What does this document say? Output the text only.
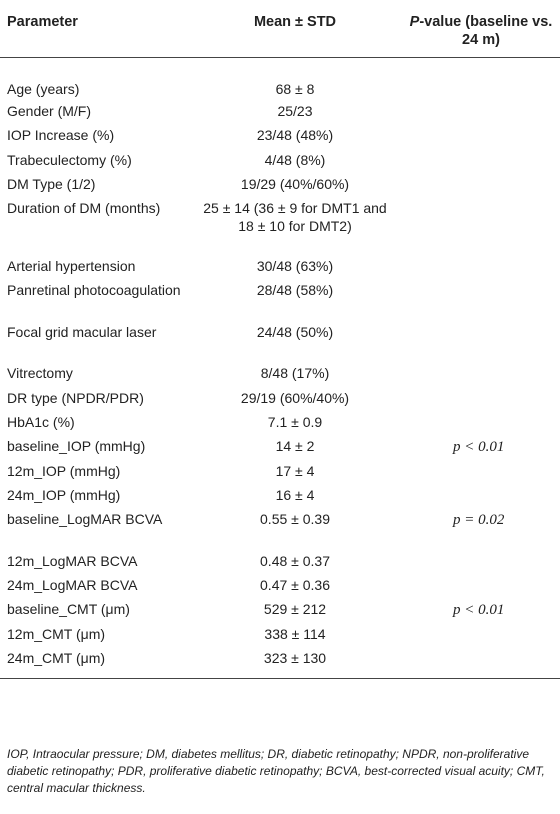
Parameter	Mean ± STD	P-value (baseline vs. 24 m)
Age (years)	68 ± 8	
Gender (M/F)	25/23	
IOP Increase (%)	23/48 (48%)	
Trabeculectomy (%)	4/48 (8%)	
DM Type (1/2)	19/29 (40%/60%)	
Duration of DM (months)	25 ± 14 (36 ± 9 for DMT1 and 18 ± 10 for DMT2)	
Arterial hypertension	30/48 (63%)	
Panretinal photocoagulation	28/48 (58%)	
Focal grid macular laser	24/48 (50%)	
Vitrectomy	8/48 (17%)	
DR type (NPDR/PDR)	29/19 (60%/40%)	
HbA1c (%)	7.1 ± 0.9	
baseline_IOP (mmHg)	14 ± 2	p < 0.01
12m_IOP (mmHg)	17 ± 4	
24m_IOP (mmHg)	16 ± 4	
baseline_LogMAR BCVA	0.55 ± 0.39	p = 0.02
12m_LogMAR BCVA	0.48 ± 0.37	
24m_LogMAR BCVA	0.47 ± 0.36	
baseline_CMT (μm)	529 ± 212	p < 0.01
12m_CMT (μm)	338 ± 114	
24m_CMT (μm)	323 ± 130	
IOP, Intraocular pressure; DM, diabetes mellitus; DR, diabetic retinopathy; NPDR, non-proliferative diabetic retinopathy; PDR, proliferative diabetic retinopathy; BCVA, best-corrected visual acuity; CMT, central macular thickness.
